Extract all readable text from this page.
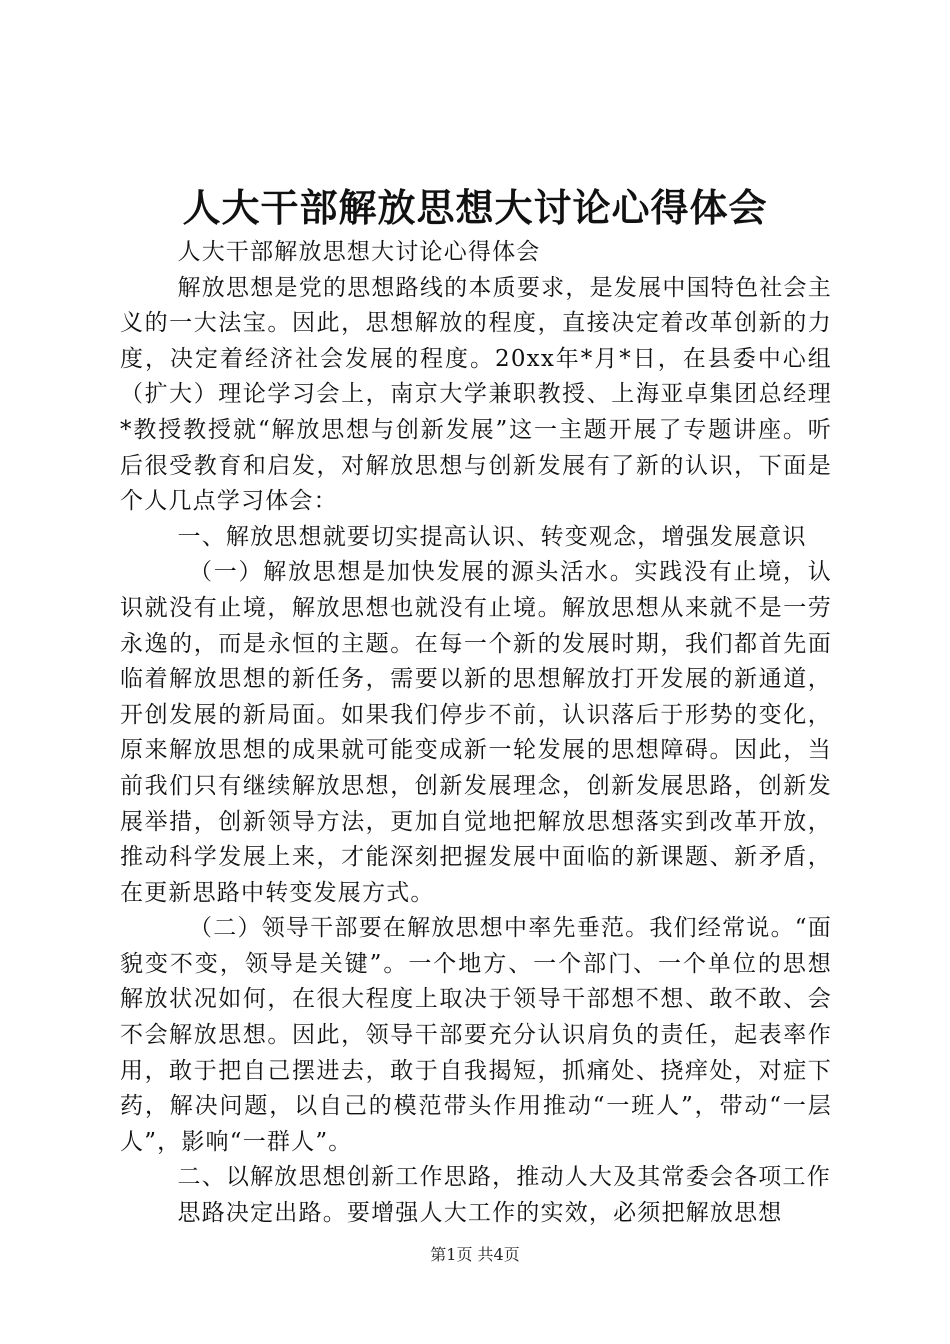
人大干部解放思想大讨论心得体会

人大干部解放思想大讨论心得体会

解放思想是党的思想路线的本质要求，是发展中国特色社会主义的一大法宝。因此，思想解放的程度，直接决定着改革创新的力度，决定着经济社会发展的程度。20xx年*月*日，在县委中心组（扩大）理论学习会上，南京大学兼职教授、上海亚卓集团总经理*教授教授就“解放思想与创新发展”这一主题开展了专题讲座。听后很受教育和启发，对解放思想与创新发展有了新的认识，下面是个人几点学习体会：

一、解放思想就要切实提高认识、转变观念，增强发展意识

（一）解放思想是加快发展的源头活水。实践没有止境，认识就没有止境，解放思想也就没有止境。解放思想从来就不是一劳永逸的，而是永恒的主题。在每一个新的发展时期，我们都首先面临着解放思想的新任务，需要以新的思想解放打开发展的新通道，开创发展的新局面。如果我们停步不前，认识落后于形势的变化，原来解放思想的成果就可能变成新一轮发展的思想障碍。因此，当前我们只有继续解放思想，创新发展理念，创新发展思路，创新发展举措，创新领导方法，更加自觉地把解放思想落实到改革开放，推动科学发展上来，才能深刻把握发展中面临的新课题、新矛盾，在更新思路中转变发展方式。

（二）领导干部要在解放思想中率先垂范。我们经常说。“面貌变不变，领导是关键”。一个地方、一个部门、一个单位的思想解放状况如何，在很大程度上取决于领导干部想不想、敢不敢、会不会解放思想。因此，领导干部要充分认识肩负的责任，起表率作用，敢于把自己摆进去，敢于自我揭短，抓痛处、挠痒处，对症下药，解决问题，以自己的模范带头作用推动“一班人”，带动“一层人”，影响“一群人”。

二、以解放思想创新工作思路，推动人大及其常委会各项工作

思路决定出路。要增强人大工作的实效，必须把解放思想

第1页 共4页
